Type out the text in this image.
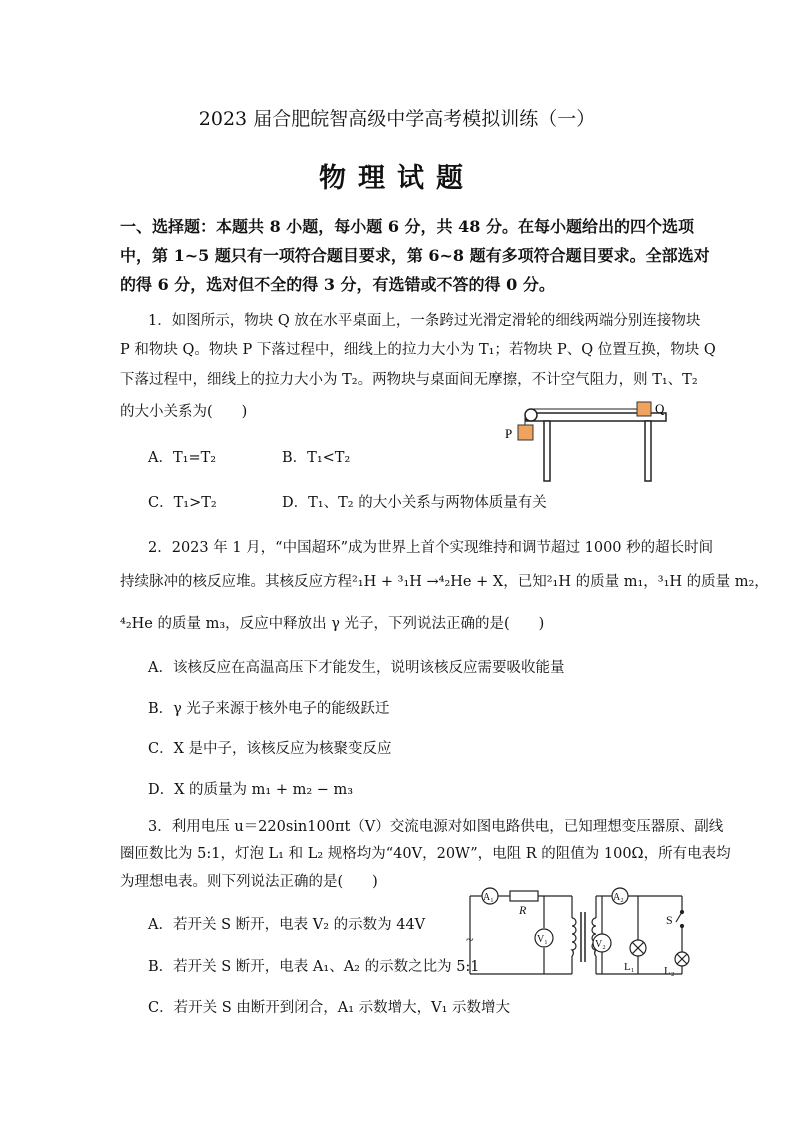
2023 届合肥皖智高级中学高考模拟训练（一）
物理试题
一、选择题：本题共 8 小题，每小题 6 分，共 48 分。在每小题给出的四个选项
中，第 1~5 题只有一项符合题目要求，第 6~8 题有多项符合题目要求。全部选对
的得 6 分，选对但不全的得 3 分，有选错或不答的得 0 分。
1．如图所示，物块 Q 放在水平桌面上，一条跨过光滑定滑轮的细线两端分别连接物块
P 和物块 Q。物块 P 下落过程中，细线上的拉力大小为 T₁；若物块 P、Q 位置互换，物块 Q
下落过程中，细线上的拉力大小为 T₂。两物块与桌面间无摩擦，不计空气阻力，则 T₁、T₂
的大小关系为(　　)
A．T₁=T₂	B．T₁<T₂
C．T₁>T₂	D．T₁、T₂ 的大小关系与两物体质量有关
P
Q
2．2023 年 1 月，“中国超环”成为世界上首个实现维持和调节超过 1000 秒的超长时间
持续脉冲的核反应堆。其核反应方程²₁H + ³₁H →⁴₂He + X，已知²₁H 的质量 m₁，³₁H 的质量 m₂，
⁴₂He 的质量 m₃，反应中释放出 γ 光子，下列说法正确的是(　　)
A．该核反应在高温高压下才能发生，说明该核反应需要吸收能量
B．γ 光子来源于核外电子的能级跃迁
C．X 是中子，该核反应为核聚变反应
D．X 的质量为 m₁ + m₂ − m₃
3．利用电压 u＝220sin100πt（V）交流电源对如图电路供电，已知理想变压器原、副线
圈匝数比为 5:1，灯泡 L₁ 和 L₂ 规格均为“40V，20W”，电阻 R 的阻值为 100Ω，所有电表均
为理想电表。则下列说法正确的是(　　)
A．若开关 S 断开，电表 V₂ 的示数为 44V
B．若开关 S 断开，电表 A₁、A₂ 的示数之比为 5:1
C．若开关 S 由断开到闭合，A₁ 示数增大，V₁ 示数增大
A₁	A₂
V₁	V₂
R
S
L₁	L₂
~
